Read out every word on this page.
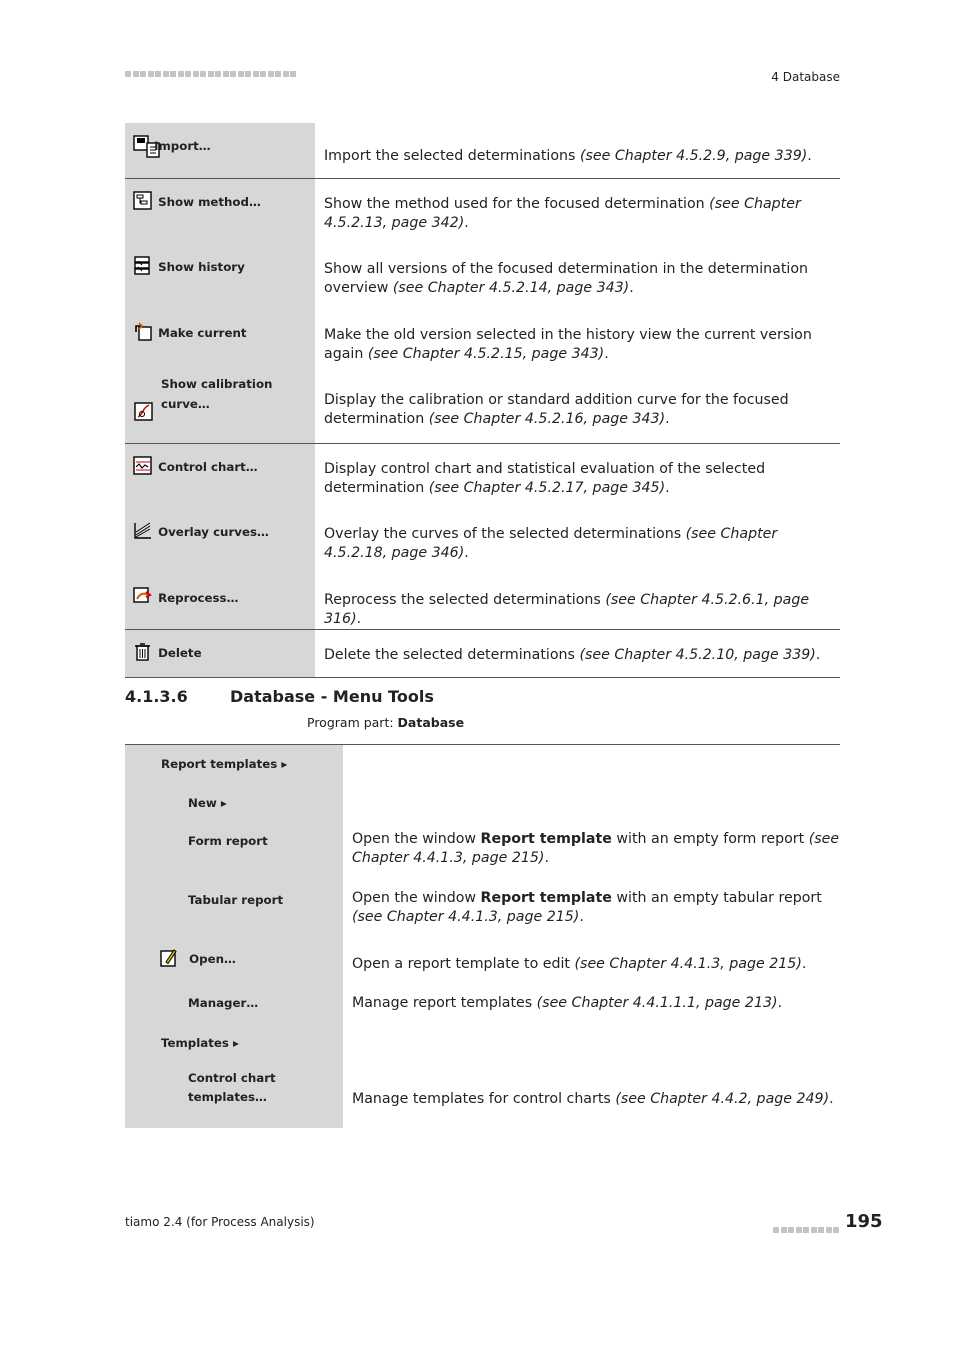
4 Database
Import…	Import the selected determinations (see Chapter 4.5.2.9, page 339).
Show method…	Show the method used for the focused determination (see Chapter 4.5.2.13, page 342).
Show history	Show all versions of the focused determination in the determination overview (see Chapter 4.5.2.14, page 343).
Make current	Make the old version selected in the history view the current version again (see Chapter 4.5.2.15, page 343).

Show calibration curve…	Display the calibration or standard addition curve for the focused determination (see Chapter 4.5.2.16, page 343).
Control chart…	Display control chart and statistical evaluation of the selected determination (see Chapter 4.5.2.17, page 345).
Overlay curves…	Overlay the curves of the selected determinations (see Chapter 4.5.2.18, page 346).
Reprocess…	Reprocess the selected determinations (see Chapter 4.5.2.6.1, page 316).
Delete	Delete the selected determinations (see Chapter 4.5.2.10, page 339).
4.1.3.6	Database - Menu Tools
Program part: Database
Report templates ▸	
New ▸	
Form report	Open the window Report template with an empty form report (see Chapter 4.4.1.3, page 215).
Tabular report	Open the window Report template with an empty tabular report (see Chapter 4.4.1.3, page 215).
Open…	Open a report template to edit (see Chapter 4.4.1.3, page 215).
Manager…	Manage report templates (see Chapter 4.4.1.1.1, page 213).
Templates ▸	

Control chart templates…	Manage templates for control charts (see Chapter 4.4.2, page 249).
tiamo 2.4 (for Process Analysis)	195
